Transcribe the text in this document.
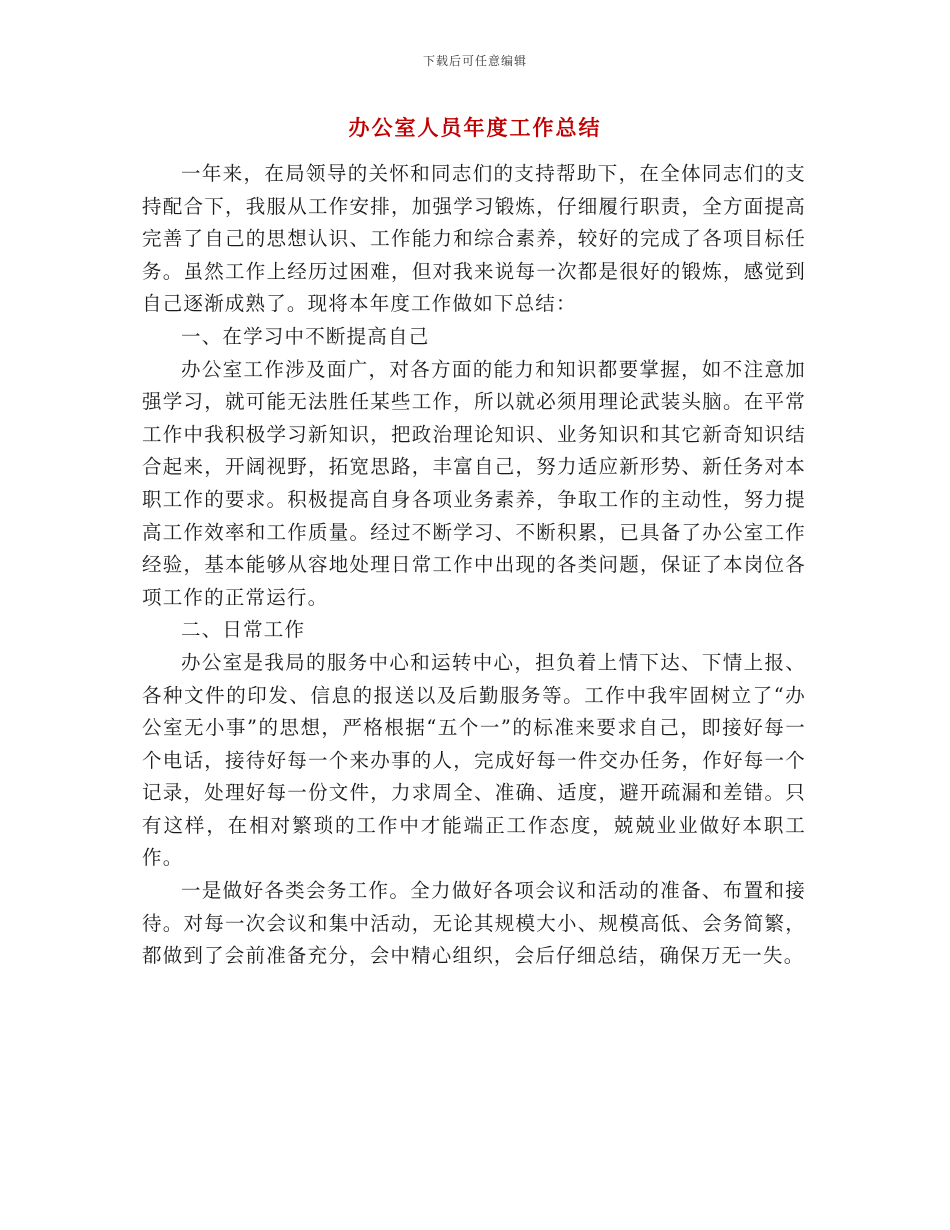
下载后可任意编辑
办公室人员年度工作总结

一年来，在局领导的关怀和同志们的支持帮助下，在全体同志们的支持配合下，我服从工作安排，加强学习锻炼，仔细履行职责，全方面提高完善了自己的思想认识、工作能力和综合素养，较好的完成了各项目标任务。虽然工作上经历过困难，但对我来说每一次都是很好的锻炼，感觉到自己逐渐成熟了。现将本年度工作做如下总结：

一、在学习中不断提高自己

办公室工作涉及面广，对各方面的能力和知识都要掌握，如不注意加强学习，就可能无法胜任某些工作，所以就必须用理论武装头脑。在平常工作中我积极学习新知识，把政治理论知识、业务知识和其它新奇知识结合起来，开阔视野，拓宽思路，丰富自己，努力适应新形势、新任务对本职工作的要求。积极提高自身各项业务素养，争取工作的主动性，努力提高工作效率和工作质量。经过不断学习、不断积累，已具备了办公室工作经验，基本能够从容地处理日常工作中出现的各类问题，保证了本岗位各项工作的正常运行。

二、日常工作

办公室是我局的服务中心和运转中心，担负着上情下达、下情上报、各种文件的印发、信息的报送以及后勤服务等。工作中我牢固树立了“办公室无小事”的思想，严格根据“五个一”的标准来要求自己，即接好每一个电话，接待好每一个来办事的人，完成好每一件交办任务，作好每一个记录，处理好每一份文件，力求周全、准确、适度，避开疏漏和差错。只有这样，在相对繁琐的工作中才能端正工作态度，兢兢业业做好本职工作。

一是做好各类会务工作。全力做好各项会议和活动的准备、布置和接待。对每一次会议和集中活动，无论其规模大小、规模高低、会务简繁，都做到了会前准备充分，会中精心组织，会后仔细总结，确保万无一失。
